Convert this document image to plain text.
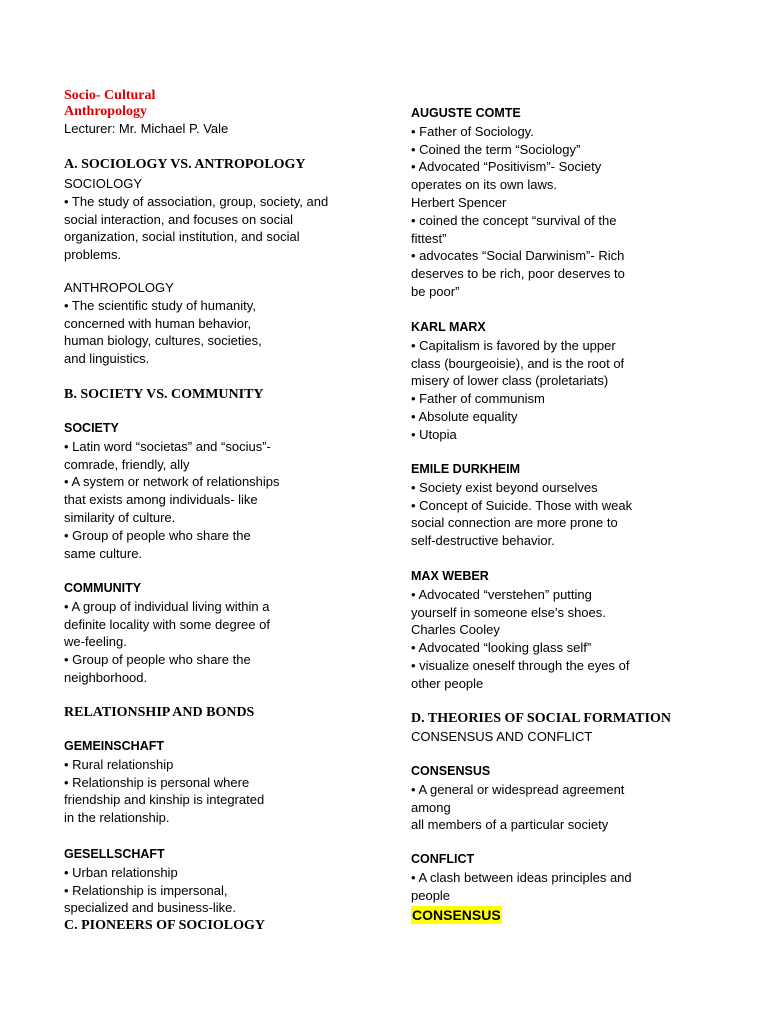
Socio- Cultural
Anthropology
Lecturer: Mr. Michael P. Vale
A. SOCIOLOGY VS. ANTROPOLOGY
SOCIOLOGY
• The study of association, group, society, and
social interaction, and focuses on social
organization, social institution, and social
problems.
ANTHROPOLOGY
• The scientific study of humanity,
concerned with human behavior,
human biology, cultures, societies,
and linguistics.
B. SOCIETY VS. COMMUNITY
SOCIETY
• Latin word “societas” and “socius”-
comrade, friendly, ally
• A system or network of relationships
that exists among individuals- like
similarity of culture.
• Group of people who share the
same culture.
COMMUNITY
• A group of individual living within a
definite locality with some degree of
we-feeling.
• Group of people who share the
neighborhood.
RELATIONSHIP AND BONDS
GEMEINSCHAFT
• Rural relationship
• Relationship is personal where
friendship and kinship is integrated
in the relationship.
GESELLSCHAFT
• Urban relationship
• Relationship is impersonal,
specialized and business-like.
C. PIONEERS OF SOCIOLOGY
AUGUSTE COMTE
• Father of Sociology.
• Coined the term “Sociology”
• Advocated “Positivism”- Society
operates on its own laws.
Herbert Spencer
• coined the concept “survival of the
fittest”
• advocates “Social Darwinism”- Rich
deserves to be rich, poor deserves to
be poor”
KARL MARX
• Capitalism is favored by the upper
class (bourgeoisie), and is the root of
misery of lower class (proletariats)
• Father of communism
• Absolute equality
• Utopia
EMILE DURKHEIM
• Society exist beyond ourselves
• Concept of Suicide. Those with weak
social connection are more prone to
self-destructive behavior.
MAX WEBER
• Advocated “verstehen” putting
yourself in someone else’s shoes.
Charles Cooley
• Advocated “looking glass self”
• visualize oneself through the eyes of
other people
D. THEORIES OF SOCIAL FORMATION
CONSENSUS AND CONFLICT
CONSENSUS
• A general or widespread agreement
among
all members of a particular society
CONFLICT
• A clash between ideas principles and
people
CONSENSUS
